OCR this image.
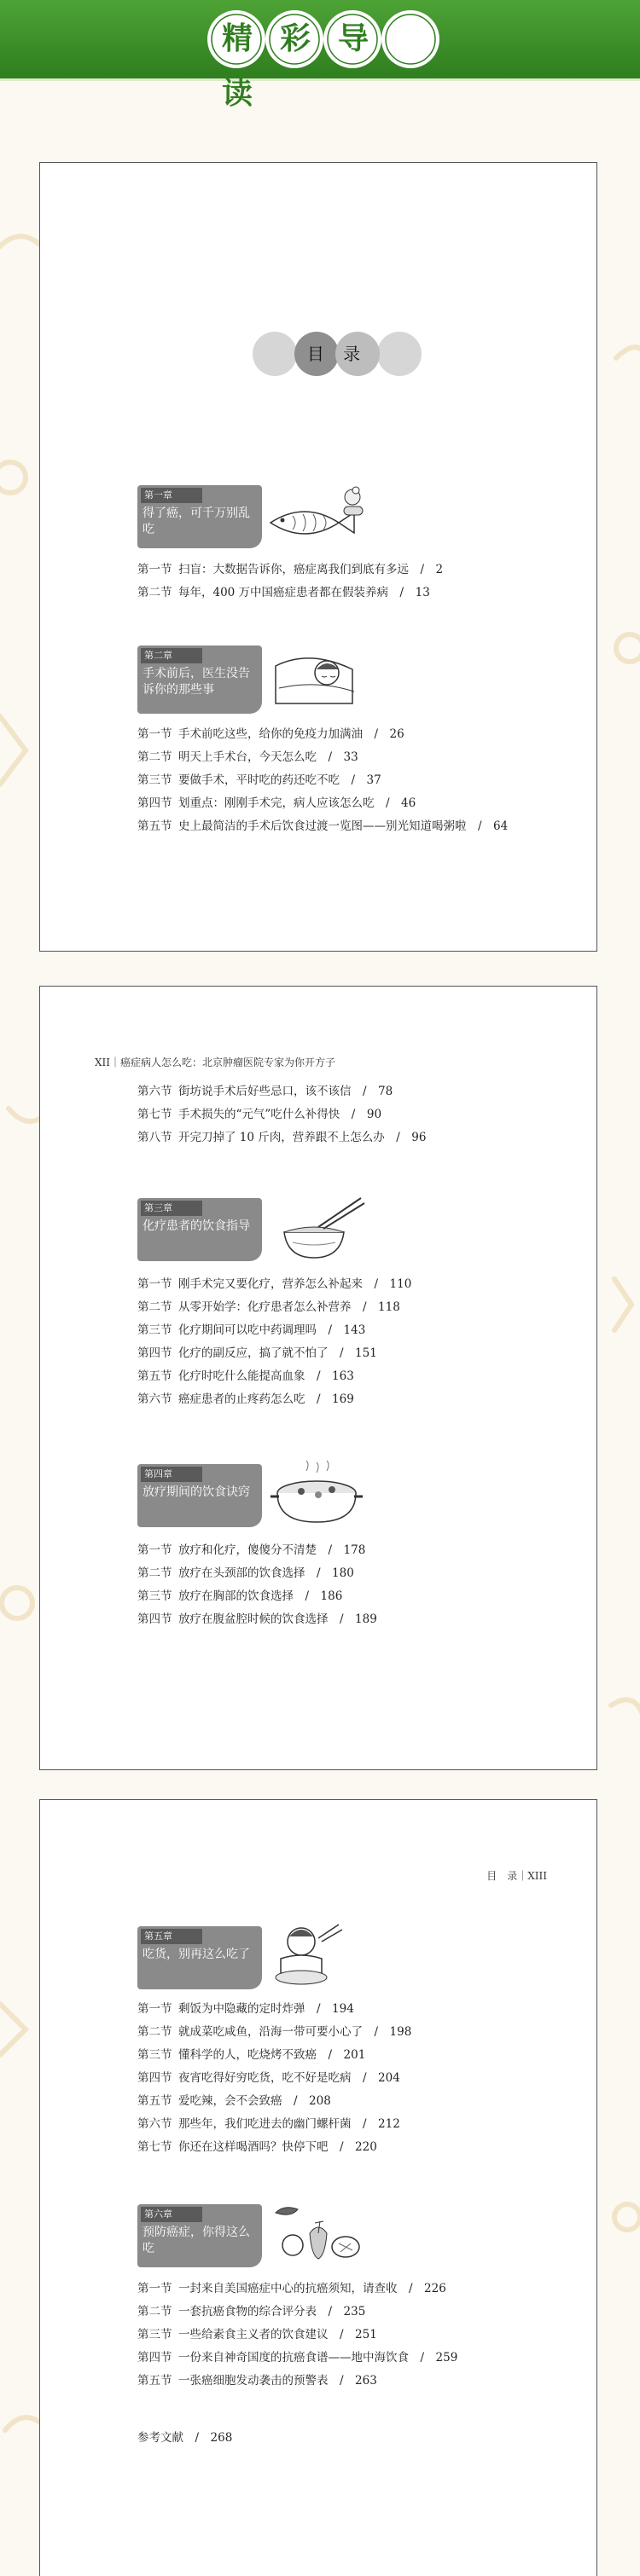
精彩导读
目 录
第一章
得了癌，可千万别乱吃
第一节 扫盲：大数据告诉你，癌症离我们到底有多远　/　2
第二节 每年，400 万中国癌症患者都在假装养病　/　13
第二章
手术前后，医生没告诉你的那些事
第一节 手术前吃这些，给你的免疫力加满油　/　26
第二节 明天上手术台，今天怎么吃　/　33
第三节 要做手术，平时吃的药还吃不吃　/　37
第四节 划重点：刚刚手术完，病人应该怎么吃　/　46
第五节 史上最简洁的手术后饮食过渡一览图——别光知道喝粥啦　/　64
XII｜癌症病人怎么吃：北京肿瘤医院专家为你开方子
第六节 街坊说手术后好些忌口，该不该信　/　78
第七节 手术损失的“元气”吃什么补得快　/　90
第八节 开完刀掉了 10 斤肉，营养跟不上怎么办　/　96
第三章
化疗患者的饮食指导
第一节 刚手术完又要化疗，营养怎么补起来　/　110
第二节 从零开始学：化疗患者怎么补营养　/　118
第三节 化疗期间可以吃中药调理吗　/　143
第四节 化疗的副反应，搞了就不怕了　/　151
第五节 化疗时吃什么能提高血象　/　163
第六节 癌症患者的止疼药怎么吃　/　169
第四章
放疗期间的饮食诀窍
第一节 放疗和化疗，傻傻分不清楚　/　178
第二节 放疗在头颈部的饮食选择　/　180
第三节 放疗在胸部的饮食选择　/　186
第四节 放疗在腹盆腔时候的饮食选择　/　189
目　录｜XIII
第五章
吃货，别再这么吃了
第一节 剩饭为中隐藏的定时炸弹　/　194
第二节 就成菜吃咸鱼，沿海一带可要小心了　/　198
第三节 懂科学的人，吃烧烤不致癌　/　201
第四节 夜宵吃得好穷吃货，吃不好是吃病　/　204
第五节 爱吃辣，会不会致癌　/　208
第六节 那些年，我们吃进去的幽门螺杆菌　/　212
第七节 你还在这样喝酒吗？快停下吧　/　220
第六章
预防癌症，你得这么吃
第一节 一封来自美国癌症中心的抗癌须知，请查收　/　226
第二节 一套抗癌食物的综合评分表　/　235
第三节 一些给素食主义者的饮食建议　/　251
第四节 一份来自神奇国度的抗癌食谱——地中海饮食　/　259
第五节 一张癌细胞发动袭击的预警表　/　263
参考文献　/　268
